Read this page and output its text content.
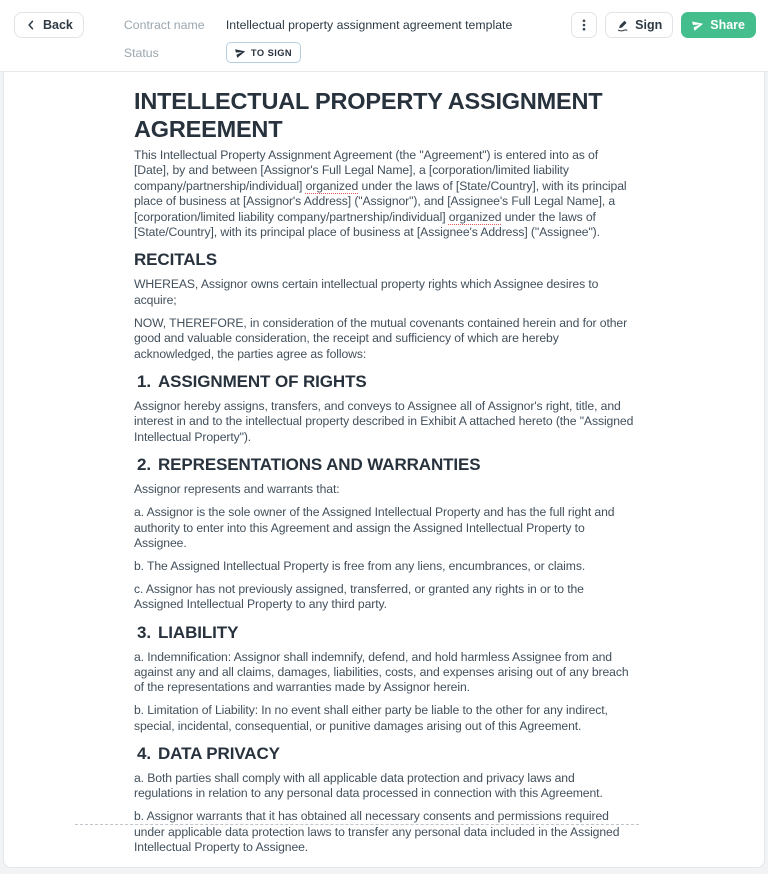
Back	Contract name	Intellectual property assignment agreement template
Status	TO SIGN
Sign	Share
INTELLECTUAL PROPERTY ASSIGNMENT AGREEMENT

This Intellectual Property Assignment Agreement (the "Agreement") is entered into as of [Date], by and between [Assignor's Full Legal Name], a [corporation/limited liability company/partnership/individual] organized under the laws of [State/Country], with its principal place of business at [Assignor's Address] ("Assignor"), and [Assignee's Full Legal Name], a [corporation/limited liability company/partnership/individual] organized under the laws of [State/Country], with its principal place of business at [Assignee's Address] ("Assignee").

RECITALS

WHEREAS, Assignor owns certain intellectual property rights which Assignee desires to acquire;

NOW, THEREFORE, in consideration of the mutual covenants contained herein and for other good and valuable consideration, the receipt and sufficiency of which are hereby acknowledged, the parties agree as follows:

1. ASSIGNMENT OF RIGHTS

Assignor hereby assigns, transfers, and conveys to Assignee all of Assignor's right, title, and interest in and to the intellectual property described in Exhibit A attached hereto (the "Assigned Intellectual Property").

2. REPRESENTATIONS AND WARRANTIES

Assignor represents and warrants that:

a. Assignor is the sole owner of the Assigned Intellectual Property and has the full right and authority to enter into this Agreement and assign the Assigned Intellectual Property to Assignee.

b. The Assigned Intellectual Property is free from any liens, encumbrances, or claims.

c. Assignor has not previously assigned, transferred, or granted any rights in or to the Assigned Intellectual Property to any third party.

3. LIABILITY

a. Indemnification: Assignor shall indemnify, defend, and hold harmless Assignee from and against any and all claims, damages, liabilities, costs, and expenses arising out of any breach of the representations and warranties made by Assignor herein.

b. Limitation of Liability: In no event shall either party be liable to the other for any indirect, special, incidental, consequential, or punitive damages arising out of this Agreement.

4. DATA PRIVACY

a. Both parties shall comply with all applicable data protection and privacy laws and regulations in relation to any personal data processed in connection with this Agreement.

b. Assignor warrants that it has obtained all necessary consents and permissions required under applicable data protection laws to transfer any personal data included in the Assigned Intellectual Property to Assignee.
